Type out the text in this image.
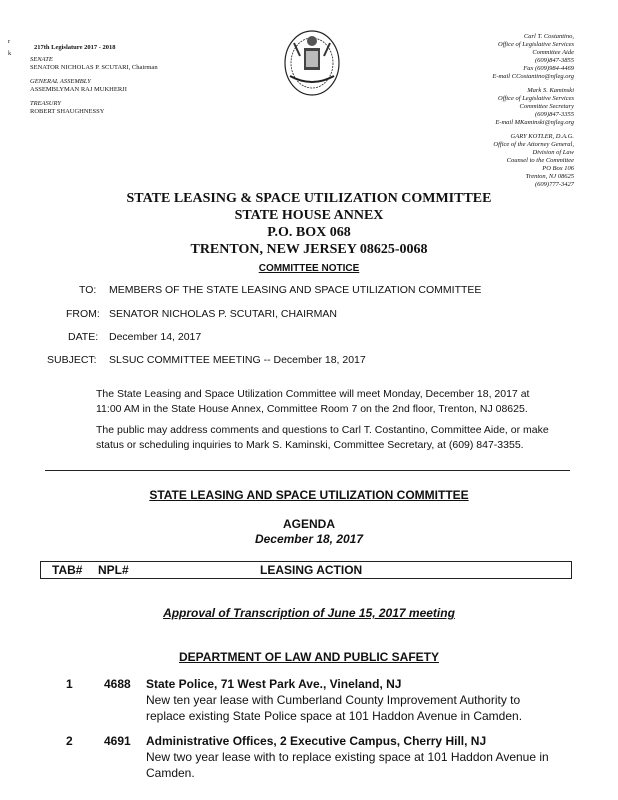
r
k
217th Legislature 2017 - 2018
SENATE
SENATOR NICHOLAS P. SCUTARI, Chairman
GENERAL ASSEMBLY
ASSEMBLYMAN RAJ MUKHERJI
TREASURY
ROBERT SHAUGHNESSY
Carl T. Costantino,
Office of Legislative Services
Committee Aide
(609)847-3855
Fax (609)984-4469
E-mail CCostantino@njleg.org
Mark S. Kaminski
Office of Legislative Services
Committee Secretary
(609)847-3355
E-mail MKaminski@njleg.org
GARY KOTLER, D.A.G.
Office of the Attorney General,
Division of Law
Counsel to the Committee
PO Box 106
Trenton, NJ 08625
(609)777-3427
STATE LEASING & SPACE UTILIZATION COMMITTEE
STATE HOUSE ANNEX
P.O. BOX 068
TRENTON, NEW JERSEY 08625-0068
COMMITTEE NOTICE
TO: MEMBERS OF THE STATE LEASING AND SPACE UTILIZATION COMMITTEE
FROM: SENATOR NICHOLAS P. SCUTARI, CHAIRMAN
DATE: December 14, 2017
SUBJECT: SLSUC COMMITTEE MEETING -- December 18, 2017
The State Leasing and Space Utilization Committee will meet Monday, December 18, 2017 at
11:00 AM in the State House Annex, Committee Room 7 on the 2nd floor, Trenton, NJ 08625.
The public may address comments and questions to Carl T. Costantino, Committee Aide, or make
status or scheduling inquiries to Mark S. Kaminski, Committee Secretary, at (609) 847-3355.
STATE LEASING AND SPACE UTILIZATION COMMITTEE
AGENDA
December 18, 2017
TAB# NPL#	LEASING ACTION
Approval of Transcription of June 15, 2017 meeting
DEPARTMENT OF LAW AND PUBLIC SAFETY
1	4688 State Police, 71 West Park Ave., Vineland, NJ
New ten year lease with Cumberland County Improvement Authority to
replace existing State Police space at 101 Haddon Avenue in Camden.
2	4691 Administrative Offices, 2 Executive Campus, Cherry Hill, NJ
New two year lease with to replace existing space at 101 Haddon Avenue in
Camden.
